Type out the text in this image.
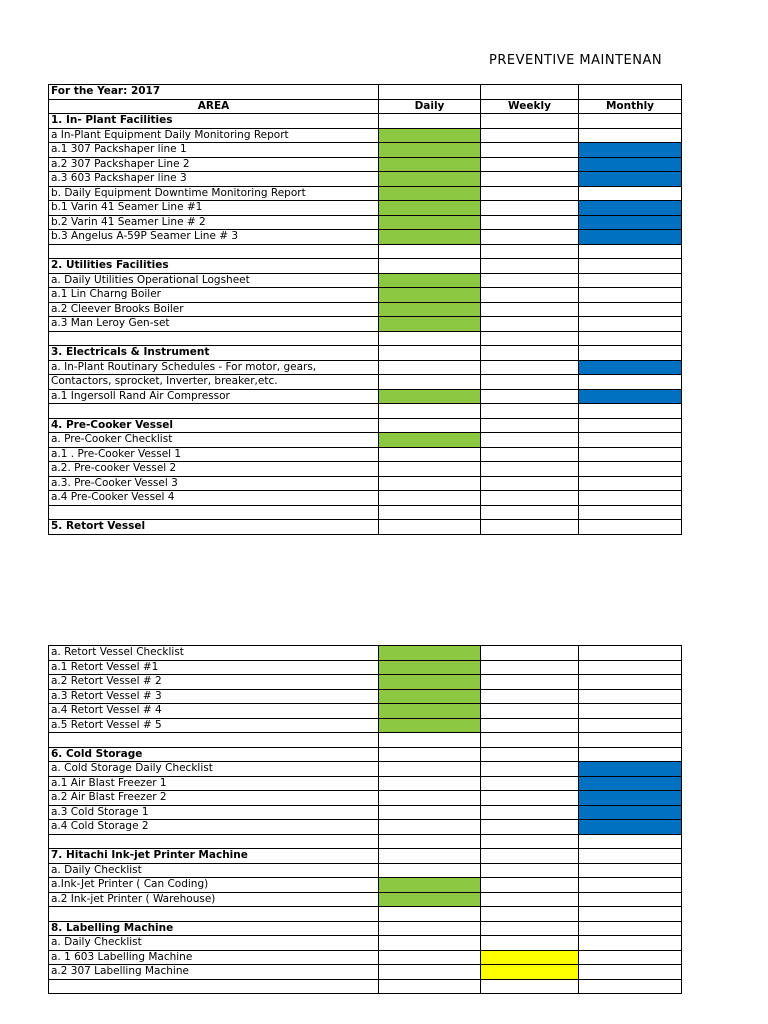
PREVENTIVE MAINTENAN
For the Year: 2017			
AREA	Daily	Weekly	Monthly
1. In- Plant Facilities			
a In-Plant Equipment Daily Monitoring Report			
a.1 307 Packshaper line 1			
a.2 307 Packshaper Line 2			
a.3 603 Packshaper line 3			
b. Daily Equipment Downtime Monitoring Report			
b.1 Varin 41 Seamer Line #1			
b.2 Varin 41 Seamer Line # 2			
b.3 Angelus A-59P Seamer Line # 3			

2. Utilities Facilities			
a. Daily Utilities Operational Logsheet			
a.1 Lin Charng Boiler			
a.2 Cleever Brooks Boiler			
a.3 Man Leroy Gen-set			

3. Electricals & Instrument			
a. In-Plant Routinary Schedules - For motor, gears,			
Contactors, sprocket, Inverter, breaker,etc.			
a.1 Ingersoll Rand Air Compressor			

4. Pre-Cooker Vessel			
a. Pre-Cooker Checklist			
a.1 . Pre-Cooker Vessel 1			
a.2. Pre-cooker Vessel 2			
a.3. Pre-Cooker Vessel 3			
a.4 Pre-Cooker Vessel 4			

5. Retort Vessel			
a. Retort Vessel Checklist			
a.1 Retort Vessel #1			
a.2 Retort Vessel # 2			
a.3 Retort Vessel # 3			
a.4 Retort Vessel # 4			
a.5 Retort Vessel # 5			

6. Cold Storage			
a. Cold Storage Daily Checklist			
a.1 Air Blast Freezer 1			
a.2 Air Blast Freezer 2			
a.3 Cold Storage 1			
a.4 Cold Storage 2			

7. Hitachi Ink-jet Printer Machine			
a. Daily Checklist			
a.Ink-Jet Printer ( Can Coding)			
a.2 Ink-jet Printer ( Warehouse)			

8. Labelling Machine			
a. Daily Checklist			
a. 1 603 Labelling Machine			
a.2 307 Labelling Machine			
